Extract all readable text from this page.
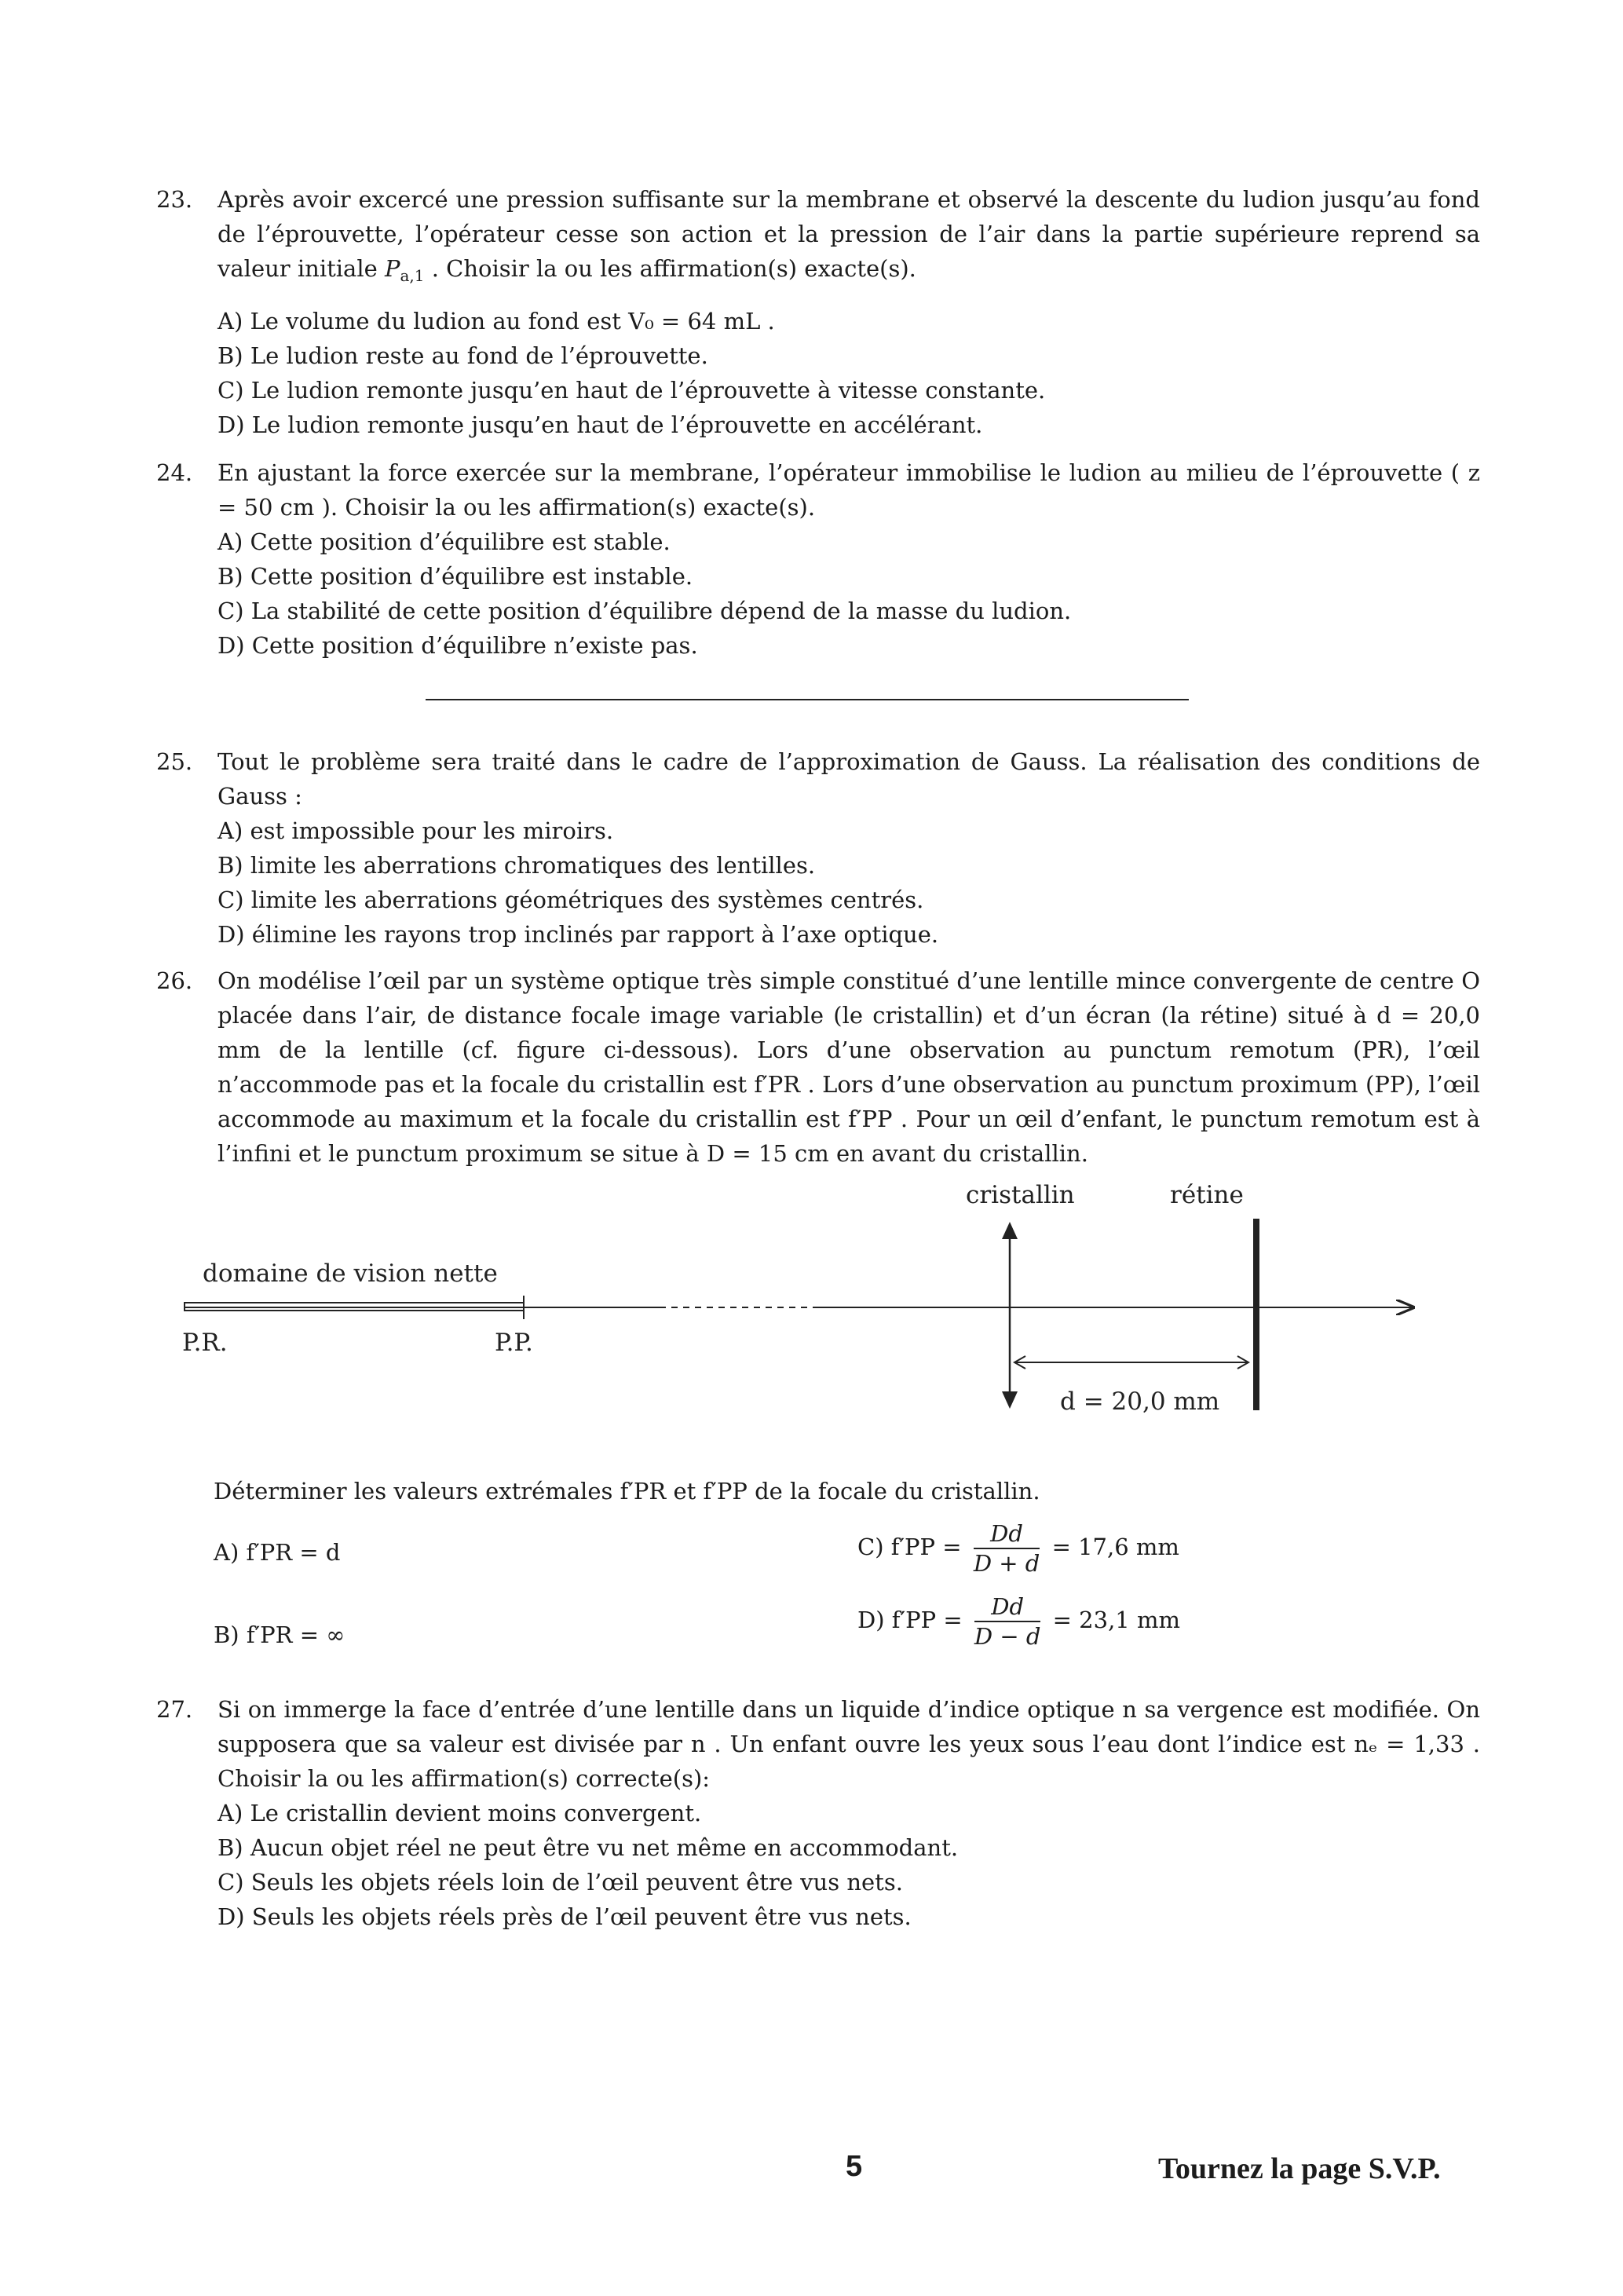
23. Après avoir excercé une pression suffisante sur la membrane et observé la descente du ludion jusqu’au fond de l’éprouvette, l’opérateur cesse son action et la pression de l’air dans la partie supérieure reprend sa valeur initiale $P_{a,1}$ . Choisir la ou les affirmation(s) exacte(s).
A) Le volume du ludion au fond est V₀ = 64 mL .
B) Le ludion reste au fond de l’éprouvette.
C) Le ludion remonte jusqu’en haut de l’éprouvette à vitesse constante.
D) Le ludion remonte jusqu’en haut de l’éprouvette en accélérant.
24. En ajustant la force exercée sur la membrane, l’opérateur immobilise le ludion au milieu de l’éprouvette ( z = 50 cm ). Choisir la ou les affirmation(s) exacte(s).
A) Cette position d’équilibre est stable.
B) Cette position d’équilibre est instable.
C) La stabilité de cette position d’équilibre dépend de la masse du ludion.
D) Cette position d’équilibre n’existe pas.
25. Tout le problème sera traité dans le cadre de l’approximation de Gauss. La réalisation des conditions de Gauss :
A) est impossible pour les miroirs.
B) limite les aberrations chromatiques des lentilles.
C) limite les aberrations géométriques des systèmes centrés.
D) élimine les rayons trop inclinés par rapport à l’axe optique.
26. On modélise l’œil par un système optique très simple constitué d’une lentille mince convergente de centre O placée dans l’air, de distance focale image variable (le cristallin) et d’un écran (la rétine) situé à d = 20,0 mm de la lentille (cf. figure ci-dessous). Lors d’une observation au punctum remotum (PR), l’œil n’accommode pas et la focale du cristallin est f′PR . Lors d’une observation au punctum proximum (PP), l’œil accommode au maximum et la focale du cristallin est f′PP . Pour un œil d’enfant, le punctum remotum est à l’infini et le punctum proximum se situe à D = 15 cm en avant du cristallin.
domaine de vision nette
P.R.	P.P.
cristallin	rétine
d = 20,0 mm
Déterminer les valeurs extrémales f′PR et f′PP de la focale du cristallin.
A) f′PR = d
B) f′PR = ∞
C) $f'PP = \frac{Dd}{D + d} = 17,6$ mm
D) $f'PP = \frac{Dd}{D - d} = 23,1$ mm
27. Si on immerge la face d’entrée d’une lentille dans un liquide d’indice optique n sa vergence est modifiée. On supposera que sa valeur est divisée par n . Un enfant ouvre les yeux sous l’eau dont l’indice est nₑ = 1,33 . Choisir la ou les affirmation(s) correcte(s):
A) Le cristallin devient moins convergent.
B) Aucun objet réel ne peut être vu net même en accommodant.
C) Seuls les objets réels loin de l’œil peuvent être vus nets.
D) Seuls les objets réels près de l’œil peuvent être vus nets.
5	Tournez la page S.V.P.
